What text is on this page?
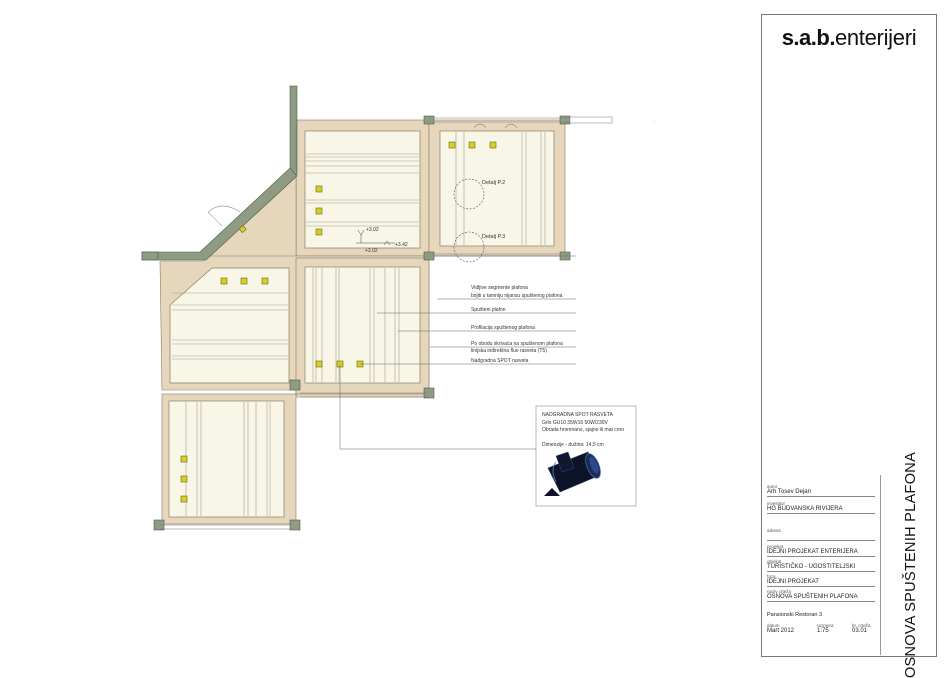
Detalj P.2
Detalj P.3
+3.02
+3.02
+3.42
Vidljive segmente plafona
bojiti u tamniju nijansu spuštenog plafona
Spušteni plafon
Profilacija spuštenog plafona
Po obodu skrivaća na spuštenom plafona
linijska indirektna fluo rasveta (T5)
Nadgradna SPOT rasveta
NADGRADNA SPOT RASVETA
Grlo GU10 35W16 50W/230V
Obrada hromirano, sjajno ili mat crno
Dimenzije - dužina: 14,5 cm
s.a.b.enterijeri
OSNOVA SPUŠTENIH PLAFONA
autor
Arh Tosev Dejan
investitor
HG BUDVANSKA RIVIJERA
adresa

projekat
IDEJNI PROJEKAT ENTERIJERA
objekat
TURISTIČKO - UGOSTITELJSKI
faza
IDEJNI PROJEKAT
naziv crteža
OSNOVA SPUŠTENIH PLAFONA
Pansionski Restoran 3
datum
Mart 2012
razmera
1:75
br. crteža
03.01
